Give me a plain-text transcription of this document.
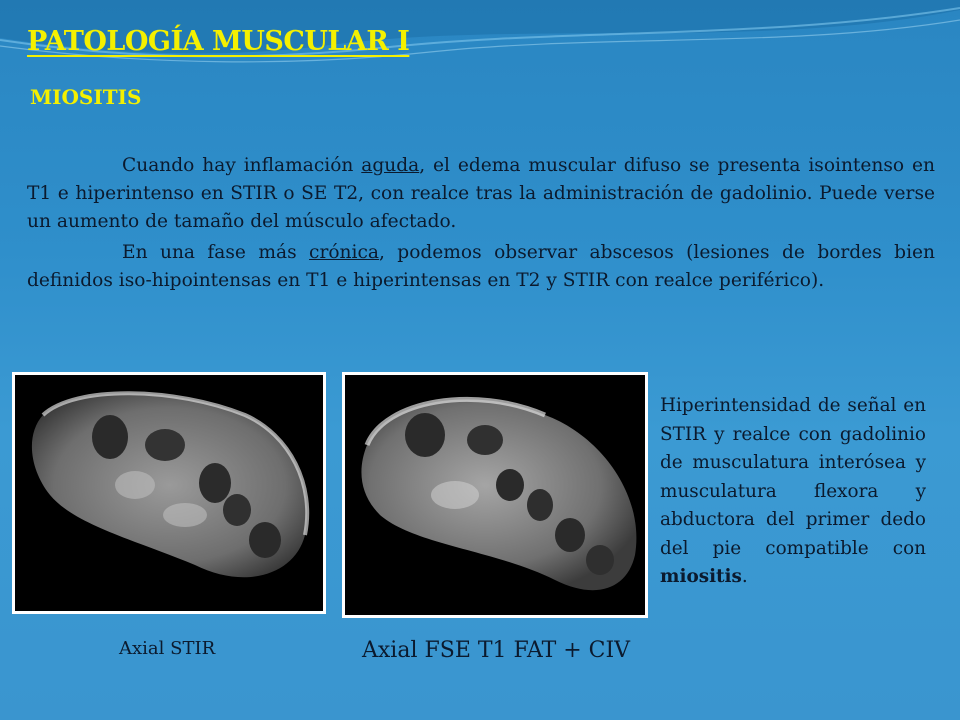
PATOLOGÍA MUSCULAR I
MIOSITIS

Cuando hay inflamación aguda, el edema muscular difuso se presenta isointenso en T1 e hiperintenso en STIR o SE T2, con realce tras la administración de gadolinio. Puede verse un aumento de tamaño del músculo afectado.

En una fase más crónica, podemos observar abscesos (lesiones de bordes bien definidos iso-hipointensas en T1 e hiperintensas en T2 y STIR con realce periférico).

Axial STIR	Axial FSE T1 FAT + CIV
Hiperintensidad de señal en STIR y realce con gadolinio de musculatura interósea y musculatura flexora y abductora del primer dedo del pie compatible con miositis.
